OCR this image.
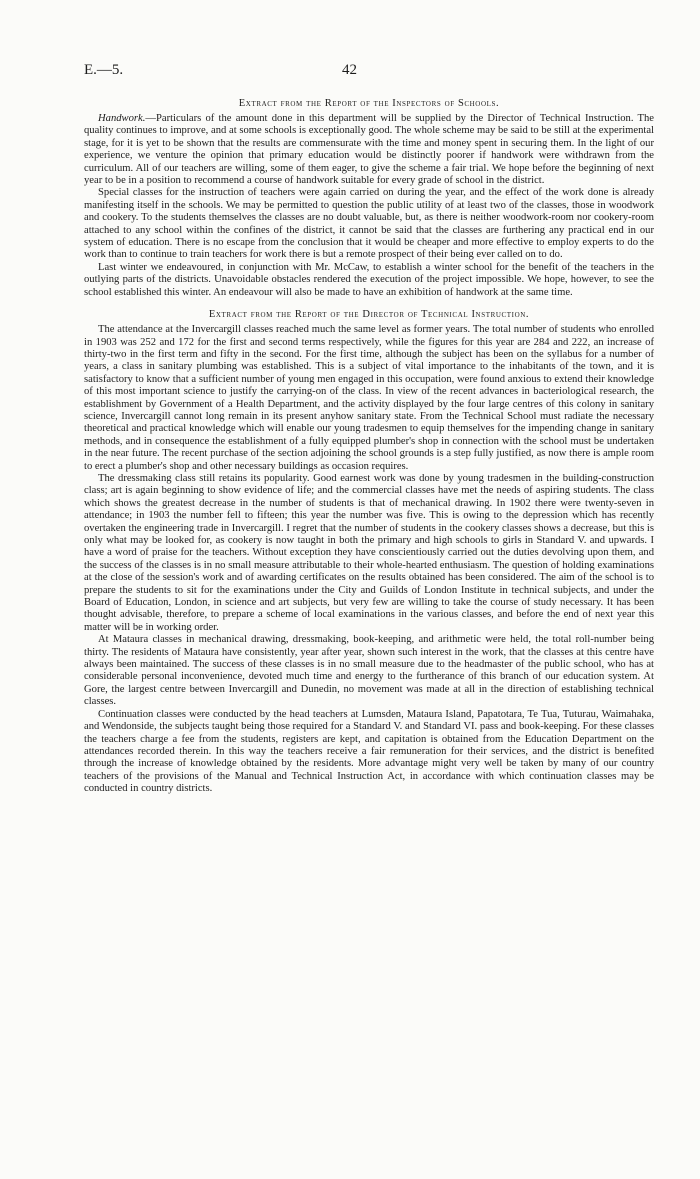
E.—5.	42
Extract from the Report of the Inspectors of Schools.

Handwork.—Particulars of the amount done in this department will be supplied by the Director of Technical Instruction. The quality continues to improve, and at some schools is exceptionally good. The whole scheme may be said to be still at the experimental stage, for it is yet to be shown that the results are commensurate with the time and money spent in securing them. In the light of our experience, we venture the opinion that primary education would be distinctly poorer if handwork were withdrawn from the curriculum. All of our teachers are willing, some of them eager, to give the scheme a fair trial. We hope before the beginning of next year to be in a position to recommend a course of handwork suitable for every grade of school in the district.

Special classes for the instruction of teachers were again carried on during the year, and the effect of the work done is already manifesting itself in the schools. We may be permitted to question the public utility of at least two of the classes, those in woodwork and cookery. To the students themselves the classes are no doubt valuable, but, as there is neither woodwork-room nor cookery-room attached to any school within the confines of the district, it cannot be said that the classes are furthering any practical end in our system of education. There is no escape from the conclusion that it would be cheaper and more effective to employ experts to do the work than to continue to train teachers for work there is but a remote prospect of their being ever called on to do.

Last winter we endeavoured, in conjunction with Mr. McCaw, to establish a winter school for the benefit of the teachers in the outlying parts of the districts. Unavoidable obstacles rendered the execution of the project impossible. We hope, however, to see the school established this winter. An endeavour will also be made to have an exhibition of handwork at the same time.

Extract from the Report of the Director of Technical Instruction.

The attendance at the Invercargill classes reached much the same level as former years. The total number of students who enrolled in 1903 was 252 and 172 for the first and second terms respectively, while the figures for this year are 284 and 222, an increase of thirty-two in the first term and fifty in the second. For the first time, although the subject has been on the syllabus for a number of years, a class in sanitary plumbing was established. This is a subject of vital importance to the inhabitants of the town, and it is satisfactory to know that a sufficient number of young men engaged in this occupation, were found anxious to extend their knowledge of this most important science to justify the carrying-on of the class. In view of the recent advances in bacteriological research, the establishment by Government of a Health Department, and the activity displayed by the four large centres of this colony in sanitary science, Invercargill cannot long remain in its present anyhow sanitary state. From the Technical School must radiate the necessary theoretical and practical knowledge which will enable our young tradesmen to equip themselves for the impending change in sanitary methods, and in consequence the establishment of a fully equipped plumber's shop in connection with the school must be undertaken in the near future. The recent purchase of the section adjoining the school grounds is a step fully justified, as now there is ample room to erect a plumber's shop and other necessary buildings as occasion requires.

The dressmaking class still retains its popularity. Good earnest work was done by young tradesmen in the building-construction class; art is again beginning to show evidence of life; and the commercial classes have met the needs of aspiring students. The class which shows the greatest decrease in the number of students is that of mechanical drawing. In 1902 there were twenty-seven in attendance; in 1903 the number fell to fifteen; this year the number was five. This is owing to the depression which has recently overtaken the engineering trade in Invercargill. I regret that the number of students in the cookery classes shows a decrease, but this is only what may be looked for, as cookery is now taught in both the primary and high schools to girls in Standard V. and upwards. I have a word of praise for the teachers. Without exception they have conscientiously carried out the duties devolving upon them, and the success of the classes is in no small measure attributable to their whole-hearted enthusiasm. The question of holding examinations at the close of the session's work and of awarding certificates on the results obtained has been considered. The aim of the school is to prepare the students to sit for the examinations under the City and Guilds of London Institute in technical subjects, and under the Board of Education, London, in science and art subjects, but very few are willing to take the course of study necessary. It has been thought advisable, therefore, to prepare a scheme of local examinations in the various classes, and before the end of next year this matter will be in working order.

At Mataura classes in mechanical drawing, dressmaking, book-keeping, and arithmetic were held, the total roll-number being thirty. The residents of Mataura have consistently, year after year, shown such interest in the work, that the classes at this centre have always been maintained. The success of these classes is in no small measure due to the headmaster of the public school, who has at considerable personal inconvenience, devoted much time and energy to the furtherance of this branch of our education system. At Gore, the largest centre between Invercargill and Dunedin, no movement was made at all in the direction of establishing technical classes.

Continuation classes were conducted by the head teachers at Lumsden, Mataura Island, Papatotara, Te Tua, Tuturau, Waimahaka, and Wendonside, the subjects taught being those required for a Standard V. and Standard VI. pass and book-keeping. For these classes the teachers charge a fee from the students, registers are kept, and capitation is obtained from the Education Department on the attendances recorded therein. In this way the teachers receive a fair remuneration for their services, and the district is benefited through the increase of knowledge obtained by the residents. More advantage might very well be taken by many of our country teachers of the provisions of the Manual and Technical Instruction Act, in accordance with which continuation classes may be conducted in country districts.
